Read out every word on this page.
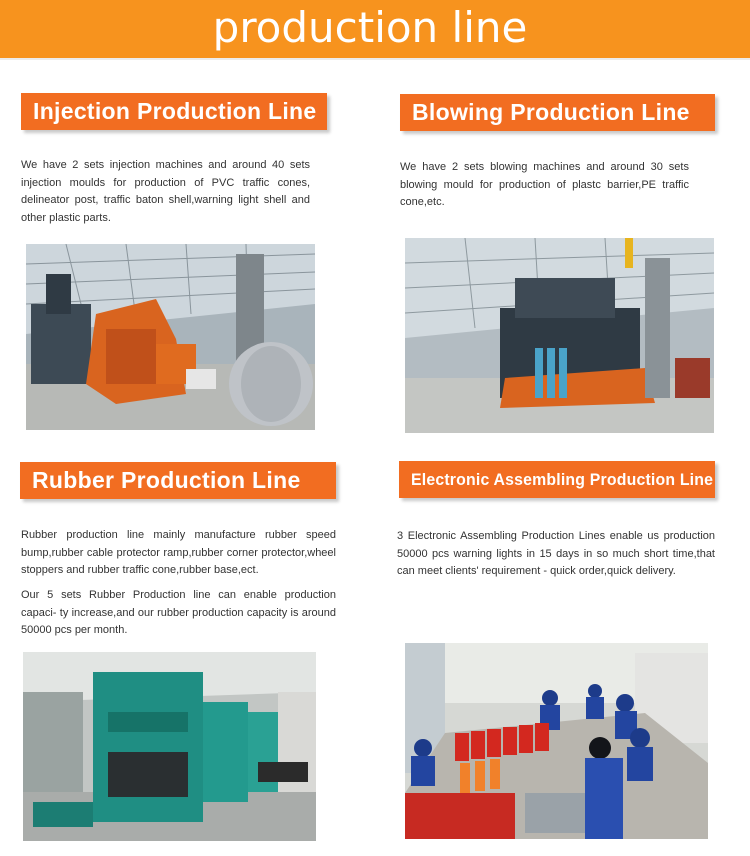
production line
Injection Production Line

We have 2 sets injection machines and around 40 sets injection moulds for production of PVC traffic cones, delineator post, traffic baton shell,warning light shell and other plastic parts.

Blowing Production Line

We have 2 sets blowing machines and around 30 sets blowing mould for production of plastc barrier,PE traffic cone,etc.

Rubber Production Line

Rubber production line mainly manufacture rubber speed bump,rubber cable protector ramp,rubber corner protector,wheel stoppers and rubber traffic cone,rubber base,ect.

Our 5 sets Rubber Production line can enable production capaci- ty increase,and our rubber production capacity is around 50000 pcs per month.

Electronic Assembling Production Line

3 Electronic Assembling Production Lines enable us production 50000 pcs warning lights in 15 days in so much short time,that can meet clients' requirement - quick order,quick delivery.
